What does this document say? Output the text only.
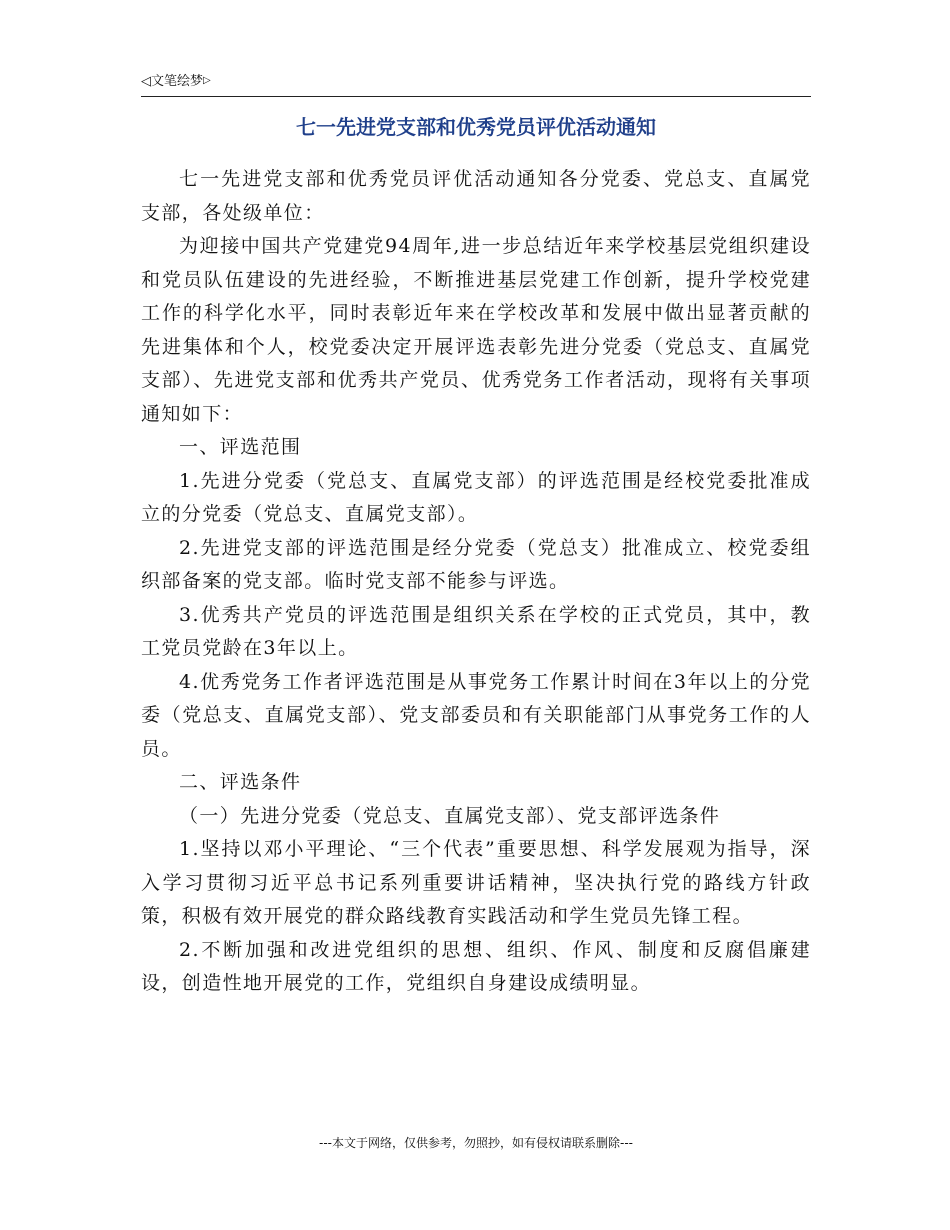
◁文笔绘梦▷
七一先进党支部和优秀党员评优活动通知

七一先进党支部和优秀党员评优活动通知各分党委、党总支、直属党支部，各处级单位：

为迎接中国共产党建党94周年,进一步总结近年来学校基层党组织建设和党员队伍建设的先进经验，不断推进基层党建工作创新，提升学校党建工作的科学化水平，同时表彰近年来在学校改革和发展中做出显著贡献的先进集体和个人，校党委决定开展评选表彰先进分党委（党总支、直属党支部）、先进党支部和优秀共产党员、优秀党务工作者活动，现将有关事项通知如下：

一、评选范围

1.先进分党委（党总支、直属党支部）的评选范围是经校党委批准成立的分党委（党总支、直属党支部）。

2.先进党支部的评选范围是经分党委（党总支）批准成立、校党委组织部备案的党支部。临时党支部不能参与评选。

3.优秀共产党员的评选范围是组织关系在学校的正式党员，其中，教工党员党龄在3年以上。

4.优秀党务工作者评选范围是从事党务工作累计时间在3年以上的分党委（党总支、直属党支部）、党支部委员和有关职能部门从事党务工作的人员。

二、评选条件

（一）先进分党委（党总支、直属党支部）、党支部评选条件

1.坚持以邓小平理论、“三个代表”重要思想、科学发展观为指导，深入学习贯彻习近平总书记系列重要讲话精神，坚决执行党的路线方针政策，积极有效开展党的群众路线教育实践活动和学生党员先锋工程。

2.不断加强和改进党组织的思想、组织、作风、制度和反腐倡廉建设，创造性地开展党的工作，党组织自身建设成绩明显。

---本文于网络，仅供参考，勿照抄，如有侵权请联系删除---
